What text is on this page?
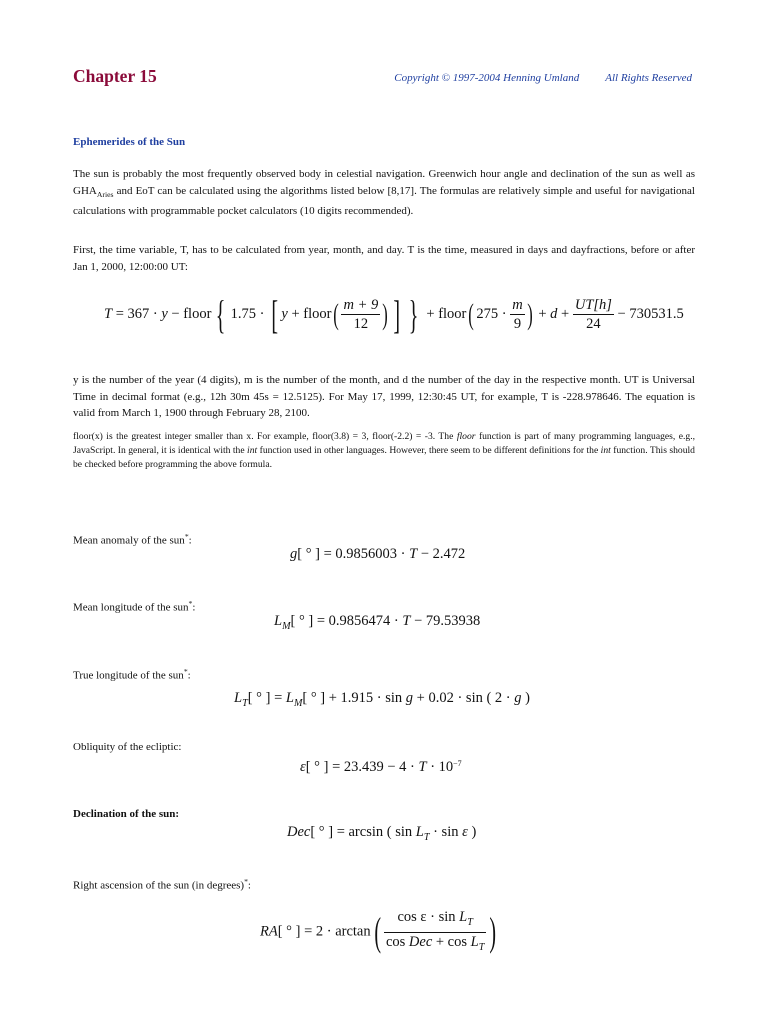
Chapter 15	Copyright © 1997-2004 Henning Umland All Rights Reserved
Ephemerides of the Sun
The sun is probably the most frequently observed body in celestial navigation. Greenwich hour angle and declination of the sun as well as $GHA_{Aries}$ and EoT can be calculated using the algorithms listed below [8,17]. The formulas are relatively simple and useful for navigational calculations with programmable pocket calculators (10 digits recommended).
First, the time variable, T, has to be calculated from year, month, and day. T is the time, measured in days and dayfractions, before or after Jan 1, 2000, 12:00:00 UT:
T = 367 · y − floor { 1.75 · [ y + floor( $\frac{m + 9}{12}$ ) ] } + floor( $275 \cdot \frac{m}{9}$ ) + $d + \frac{UT[h]}{24} - 730531.5$
y is the number of the year (4 digits), m is the number of the month, and d the number of the day in the respective month. UT is Universal Time in decimal format (e.g., 12h 30m 45s = 12.5125). For May 17, 1999, 12:30:45 UT, for example, T is -228.978646. The equation is valid from March 1, 1900 through February 28, 2100.
floor(x) is the greatest integer smaller than x. For example, floor(3.8) = 3, floor(-2.2) = -3. The floor function is part of many programming languages, e.g., JavaScript. In general, it is identical with the int function used in other languages. However, there seem to be different definitions for the int function. This should be checked before programming the above formula.
Mean anomaly of the sun*:
g[ ° ] = 0.9856003 · T − 2.472
Mean longitude of the sun*:
$L_M$[ ° ] = 0.9856474 · T − 79.53938
True longitude of the sun*:
$L_T$[ ° ] = $L_M$[ ° ] + 1.915 · sin g + 0.02 · sin ( 2 · g )
Obliquity of the ecliptic:
ε[ ° ] = $23.439 - 4 \cdot T \cdot 10^{-7}$
Declination of the sun:
Dec[ ° ] = arcsin ( $\sin L_T \cdot \sin \varepsilon$ )
Right ascension of the sun (in degrees)*:
RA[ ° ] = $2 \cdot \arctan( \frac{\cos \varepsilon \cdot \sin L_T}{\cos Dec + \cos L_T}$ )
